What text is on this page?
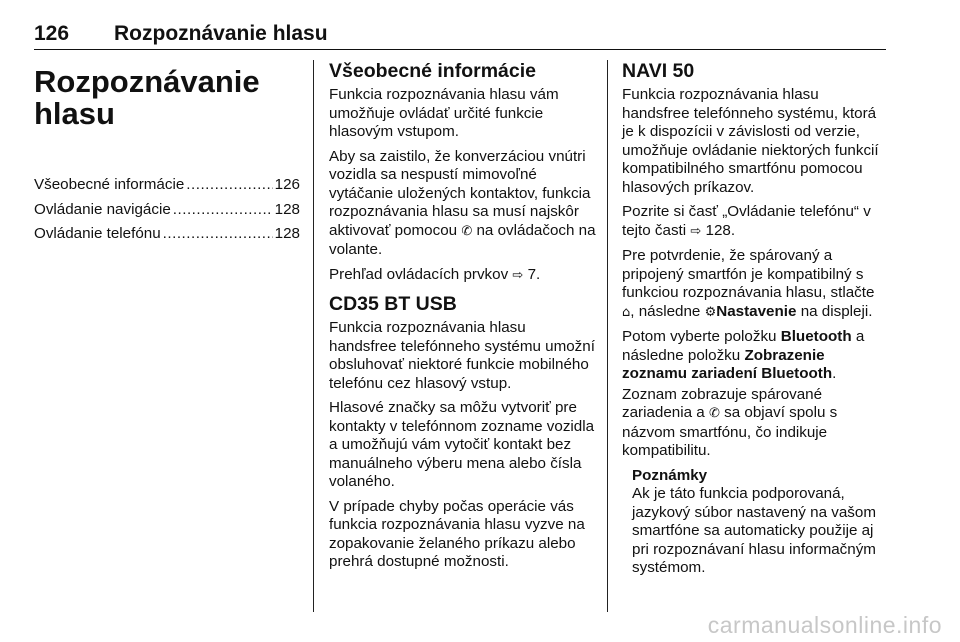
126 Rozpoznávanie hlasu
Rozpoznávanie
hlasu
Všeobecné informácie .....	126
Ovládanie navigácie .....	128
Ovládanie telefónu .....	128
Všeobecné informácie

Funkcia rozpoznávania hlasu vám umožňuje ovládať určité funkcie hlasovým vstupom.

Aby sa zaistilo, že konverzáciou vnútri vozidla sa nespustí mimovoľné vytáčanie uložených kontaktov, funkcia rozpoznávania hlasu sa musí najskôr aktivovať pomocou ✆ na ovládačoch na volante.

Prehľad ovládacích prvkov ⇨ 7.

CD35 BT USB

Funkcia rozpoznávania hlasu handsfree telefónneho systému umožní obsluhovať niektoré funkcie mobilného telefónu cez hlasový vstup.

Hlasové značky sa môžu vytvoriť pre kontakty v telefónnom zozname vozidla a umožňujú vám vytočiť kontakt bez manuálneho výberu mena alebo čísla volaného.

V prípade chyby počas operácie vás funkcia rozpoznávania hlasu vyzve na zopakovanie želaného príkazu alebo prehrá dostupné možnosti.

NAVI 50

Funkcia rozpoznávania hlasu handsfree telefónneho systému, ktorá je k dispozícii v závislosti od verzie, umožňuje ovládanie niektorých funkcií kompatibilného smartfónu pomocou hlasových príkazov.

Pozrite si časť „Ovládanie telefónu“ v tejto časti ⇨ 128.

Pre potvrdenie, že spárovaný a pripojený smartfón je kompatibilný s funkciou rozpoznávania hlasu, stlačte ⌂, následne ⚙Nastavenie na displeji.

Potom vyberte položku Bluetooth a následne položku Zobrazenie zoznamu zariadení Bluetooth.

Zoznam zobrazuje spárované zariadenia a ✆ sa objaví spolu s názvom smartfónu, čo indikuje kompatibilitu.

Poznámky
Ak je táto funkcia podporovaná, jazykový súbor nastavený na vašom smartfóne sa automaticky použije aj pri rozpoznávaní hlasu informačným systémom.
carmanualsonline.info
